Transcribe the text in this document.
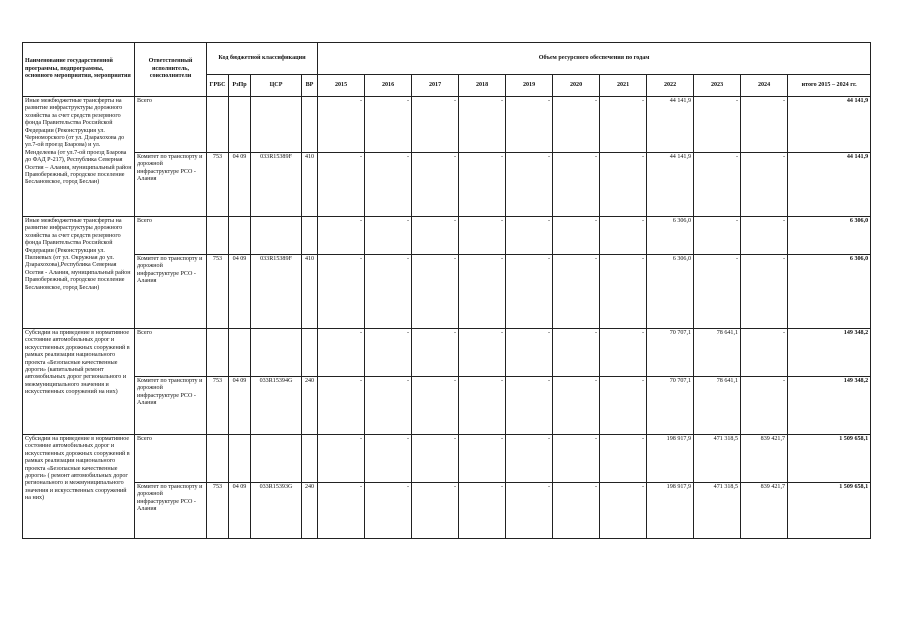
Наименование государственной программы, подпрограммы, основного мероприятия, мероприятия	Ответственный исполнитель, соисполнители	Код бюджетной классификации				Объем ресурсного обеспечения по годам										
		ГРБС	РзПр	ЦСР	ВР	2015	2016	2017	2018	2019	2020	2021	2022	2023	2024	итого 2015 – 2024 гг.
Иные межбюджетные трансферты на развитие инфраструктуры дорожного хозяйства за счет средств резервного фонда Правительства Российской Федерации (Реконструкция ул. Черноморского (от ул. Дзарахохова до ул.7-ой проезд Бзарова) и ул. Менделеева (от ул.7-ой проезд Бзарова до ФАД Р-217), Республика Северная Осетия – Алания, муниципальный район Правобережный, городское поселение Беслановское, город Беслан)	Всего					-	-	-	-	-	-	-	44 141,9	-	-	44 141,9
	Комитет по транспорту и дорожной инфраструктуре РСО - Алания	753	04 09	033R15389F	410	-	-	-	-	-	-	-	44 141,9	-	-	44 141,9
Иные межбюджетные трансферты на развитие инфраструктуры дорожного хозяйства за счет средств резервного фонда Правительства Российской Федерации (Реконструкция ул. Пилиевых (от ул. Окружная до ул. Дзарахохова),Республика Северная Осетия - Алания, муниципальный район Правобережный, городское поселение Беслановское, город Беслан)	Всего					-	-	-	-	-	-	-	6 306,0	-	-	6 306,0
	Комитет по транспорту и дорожной инфраструктуре РСО - Алания	753	04 09	033R15389F	410	-	-	-	-	-	-	-	6 306,0	-	-	6 306,0
Субсидии на приведение в нормативное состояние автомобильных дорог и искусственных дорожных сооружений в рамках реализации национального проекта «Безопасные качественные дороги» (капитальный ремонт автомобильных дорог регионального и межмуниципального значения и искусственных сооружений на них)	Всего					-	-	-	-	-	-	-	70 707,1	78 641,1	-	149 348,2
	Комитет по транспорту и дорожной инфраструктуре РСО - Алания	753	04 09	033R15394G	240	-	-	-	-	-	-	-	70 707,1	78 641,1	-	149 348,2
Субсидии на приведение в нормативное состояние автомобильных дорог и искусственных дорожных сооружений в рамках реализации национального проекта «Безопасные качественные дороги» ( ремонт автомобильных дорог регионального и межмуниципального значения и искусственных сооружений на них)	Всего					-	-	-	-	-	-	-	198 917,9	471 318,5	839 421,7	1 509 658,1
	Комитет по транспорту и дорожной инфраструктуре РСО - Алания	753	04 09	033R15393G	240	-	-	-	-	-	-	-	198 917,9	471 318,5	839 421,7	1 509 658,1
